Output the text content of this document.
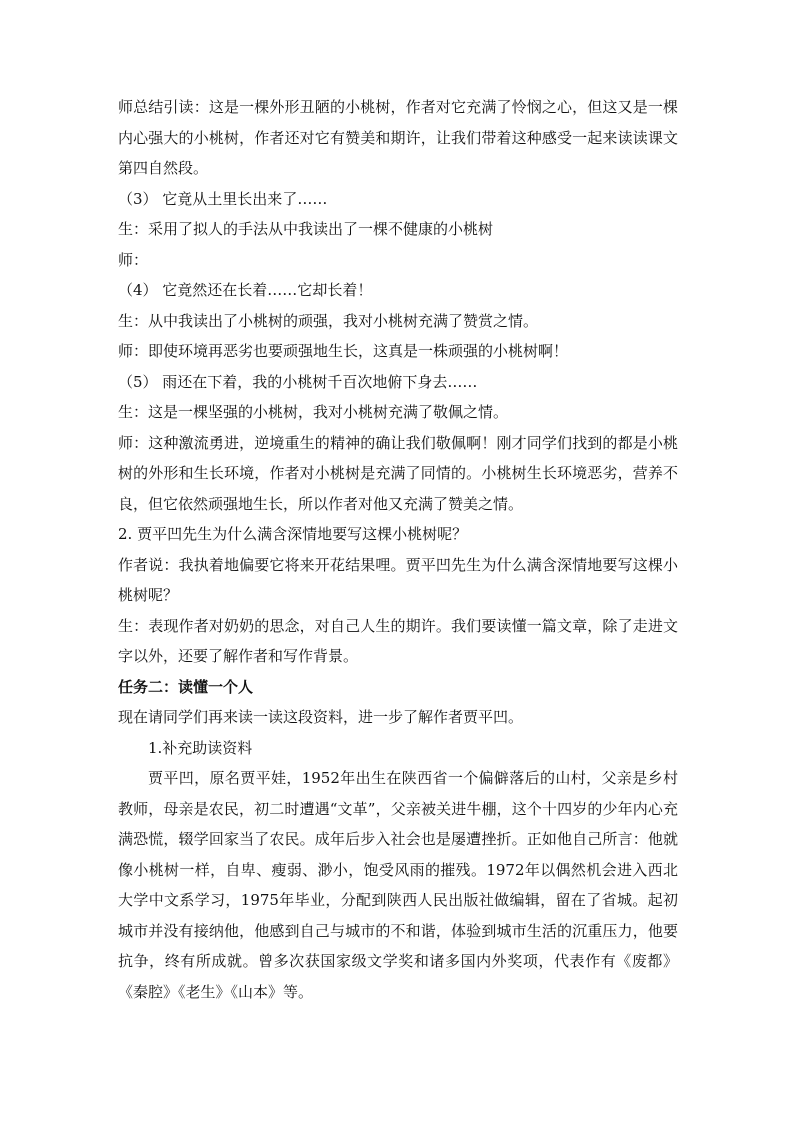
师总结引读：这是一棵外形丑陋的小桃树，作者对它充满了怜悯之心，但这又是一棵内心强大的小桃树，作者还对它有赞美和期许，让我们带着这种感受一起来读读课文第四自然段。

（3） 它竟从土里长出来了……

生：采用了拟人的手法从中我读出了一棵不健康的小桃树

师：

（4） 它竟然还在长着……它却长着！

生：从中我读出了小桃树的顽强，我对小桃树充满了赞赏之情。

师：即使环境再恶劣也要顽强地生长，这真是一株顽强的小桃树啊！

（5） 雨还在下着，我的小桃树千百次地俯下身去……

生：这是一棵坚强的小桃树，我对小桃树充满了敬佩之情。

师：这种激流勇进，逆境重生的精神的确让我们敬佩啊！刚才同学们找到的都是小桃树的外形和生长环境，作者对小桃树是充满了同情的。小桃树生长环境恶劣，营养不良，但它依然顽强地生长，所以作者对他又充满了赞美之情。

2. 贾平凹先生为什么满含深情地要写这棵小桃树呢？

作者说：我执着地偏要它将来开花结果哩。贾平凹先生为什么满含深情地要写这棵小桃树呢？

生：表现作者对奶奶的思念，对自己人生的期许。我们要读懂一篇文章，除了走进文字以外，还要了解作者和写作背景。

任务二：读懂一个人

现在请同学们再来读一读这段资料，进一步了解作者贾平凹。

1.补充助读资料

贾平凹，原名贾平娃，1952年出生在陕西省一个偏僻落后的山村，父亲是乡村教师，母亲是农民，初二时遭遇“文革”，父亲被关进牛棚，这个十四岁的少年内心充满恐慌，辍学回家当了农民。成年后步入社会也是屡遭挫折。正如他自己所言：他就像小桃树一样，自卑、瘦弱、渺小，饱受风雨的摧残。1972年以偶然机会进入西北大学中文系学习，1975年毕业，分配到陕西人民出版社做编辑，留在了省城。起初城市并没有接纳他，他感到自己与城市的不和谐，体验到城市生活的沉重压力，他要抗争，终有所成就。曾多次获国家级文学奖和诸多国内外奖项，代表作有《废都》《秦腔》《老生》《山本》等。
